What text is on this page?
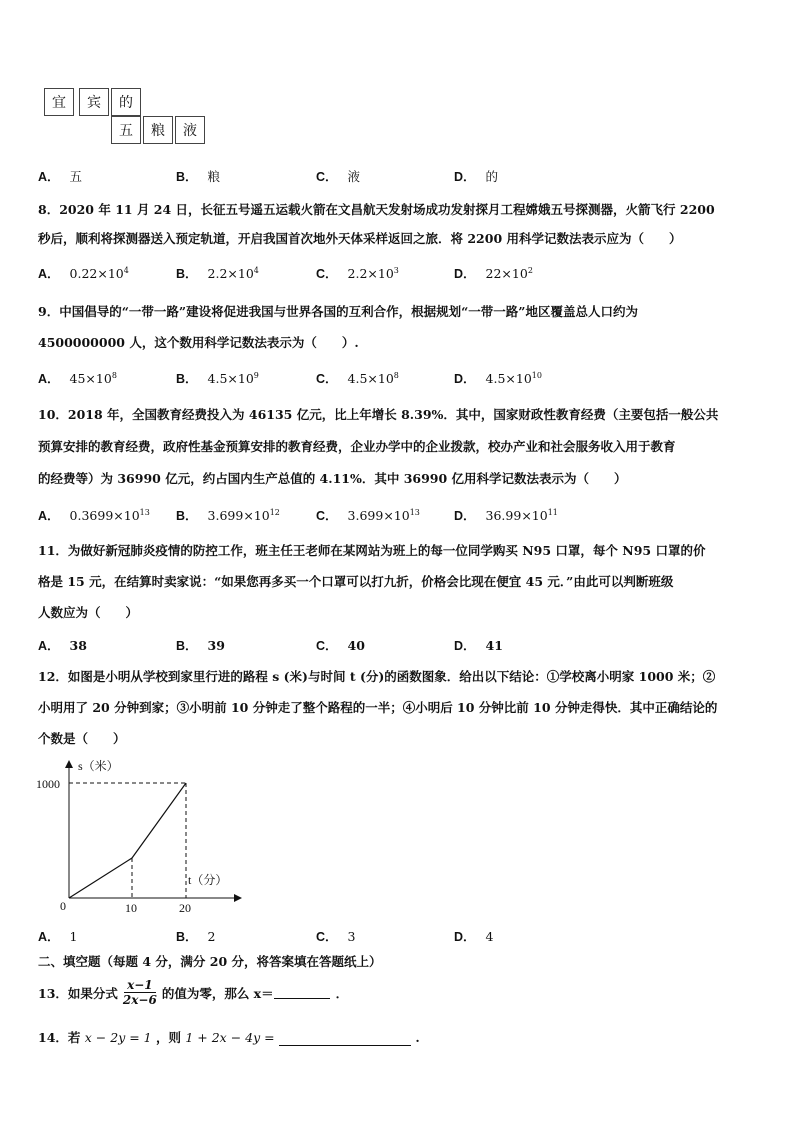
宜	宾	的
五	粮	液
A． 五	B． 粮	C． 液	D． 的
8．2020 年 11 月 24 日，长征五号遥五运载火箭在文昌航天发射场成功发射探月工程嫦娥五号探测器，火箭飞行 2200
秒后，顺利将探测器送入预定轨道，开启我国首次地外天体采样返回之旅．将 2200 用科学记数法表示应为（　　）
A． $0.22\times 10^4$	B． $2.2\times 10^4$	C． $2.2\times 10^3$	D． $22\times 10^2$
9．中国倡导的“一带一路”建设将促进我国与世界各国的互利合作，根据规划“一带一路”地区覆盖总人口约为
4500000000 人，这个数用科学记数法表示为（　　）.
A． $45\times 10^8$	B． $4.5\times 10^9$	C． $4.5\times 10^8$	D． $4.5\times 10^{10}$
10．2018 年，全国教育经费投入为 46135 亿元，比上年增长 8.39%．其中，国家财政性教育经费（主要包括一般公共
预算安排的教育经费，政府性基金预算安排的教育经费，企业办学中的企业拨款，校办产业和社会服务收入用于教育
的经费等）为 36990 亿元，约占国内生产总值的 4.11%．其中 36990 亿用科学记数法表示为（　　）
A． $0.3699\times 10^{13}$ B． $3.699\times 10^{12}$	C． $3.699\times 10^{13}$	D． $36.99\times 10^{11}$
11．为做好新冠肺炎疫情的防控工作，班主任王老师在某网站为班上的每一位同学购买 N95 口罩，每个 N95 口罩的价
格是 15 元，在结算时卖家说：“如果您再多买一个口罩可以打九折，价格会比现在便宜 45 元．”由此可以判断班级
人数应为（　　）
A． 38	B． 39	C． 40	D． 41
12．如图是小明从学校到家里行进的路程 s (米)与时间 t (分)的函数图象．给出以下结论：①学校离小明家 1000 米；②
小明用了 20 分钟到家；③小明前 10 分钟走了整个路程的一半；④小明后 10 分钟比前 10 分钟走得快．其中正确结论的
个数是（　　）
s（米）
1000
t（分）
0	10	20
A． 1	B． 2	C． 3	D． 4
二、填空题（每题 4 分，满分 20 分，将答案填在答题纸上）
13．如果分式 $\frac{x-1}{2x-6}$ 的值为零，那么 x＝	．
14．若 x − 2y = 1 ，则 1 + 2x − 4y =	.
